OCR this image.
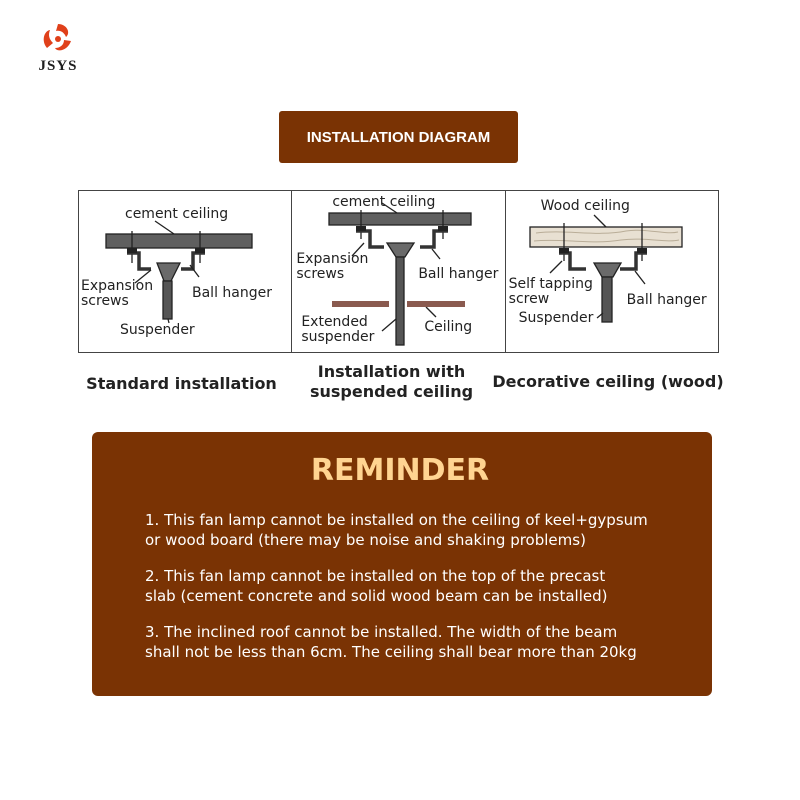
JSYS
INSTALLATION DIAGRAM
cement ceiling
Expansion
screws	Ball hanger
Suspender
cement ceiling
Expansion
screws	Ball hanger
Extended
suspender
Ceiling
Wood ceiling
Self tapping
screw	Ball hanger
Suspender
Standard installation
Installation with
suspended ceiling
Decorative ceiling (wood)
REMINDER
1. This fan lamp cannot be installed on the ceiling of keel+gypsum
or wood board (there may be noise and shaking problems)
2. This fan lamp cannot be installed on the top of the precast
slab (cement concrete and solid wood beam can be installed)
3. The inclined roof cannot be installed. The width of the beam
shall not be less than 6cm. The ceiling shall bear more than 20kg
